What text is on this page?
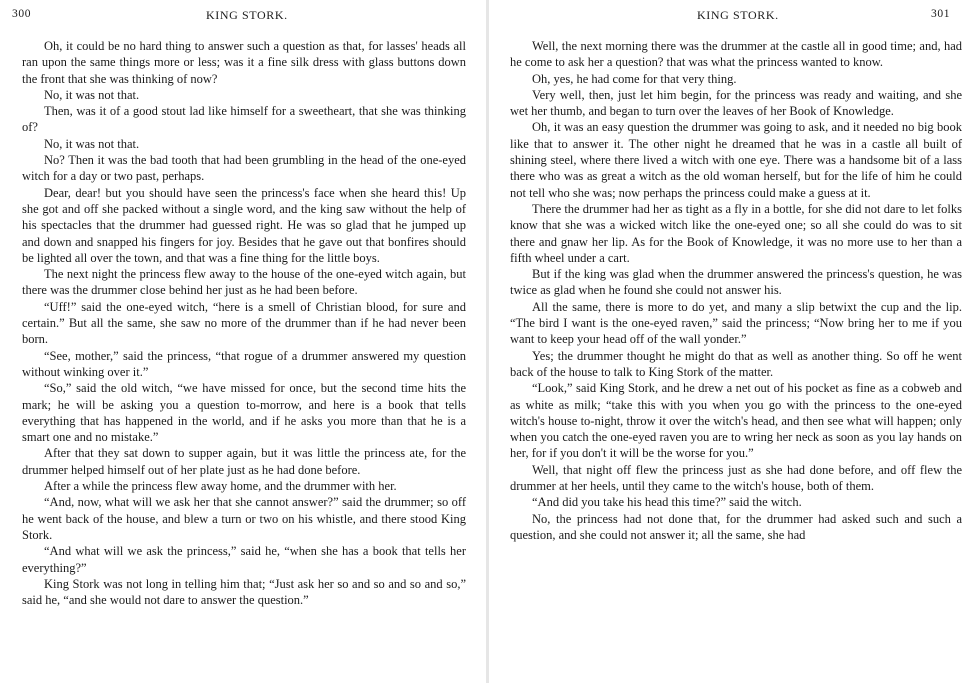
300	KING STORK.

Oh, it could be no hard thing to answer such a question as that, for lasses' heads all ran upon the same things more or less; was it a fine silk dress with glass buttons down the front that she was thinking of now?

No, it was not that.

Then, was it of a good stout lad like himself for a sweetheart, that she was thinking of?

No, it was not that.

No? Then it was the bad tooth that had been grumbling in the head of the one-eyed witch for a day or two past, perhaps.

Dear, dear! but you should have seen the princess's face when she heard this! Up she got and off she packed without a single word, and the king saw without the help of his spectacles that the drummer had guessed right. He was so glad that he jumped up and down and snapped his fingers for joy. Besides that he gave out that bonfires should be lighted all over the town, and that was a fine thing for the little boys.

The next night the princess flew away to the house of the one-eyed witch again, but there was the drummer close behind her just as he had been before.

“Uff!” said the one-eyed witch, “here is a smell of Christian blood, for sure and certain.” But all the same, she saw no more of the drummer than if he had never been born.

“See, mother,” said the princess, “that rogue of a drummer answered my question without winking over it.”

“So,” said the old witch, “we have missed for once, but the second time hits the mark; he will be asking you a question to-morrow, and here is a book that tells everything that has happened in the world, and if he asks you more than that he is a smart one and no mistake.”

After that they sat down to supper again, but it was little the princess ate, for the drummer helped himself out of her plate just as he had done before.

After a while the princess flew away home, and the drummer with her.

“And, now, what will we ask her that she cannot answer?” said the drummer; so off he went back of the house, and blew a turn or two on his whistle, and there stood King Stork.

“And what will we ask the princess,” said he, “when she has a book that tells her everything?”

King Stork was not long in telling him that; “Just ask her so and so and so and so,” said he, “and she would not dare to answer the question.”

KING STORK.	301

Well, the next morning there was the drummer at the castle all in good time; and, had he come to ask her a question? that was what the princess wanted to know.

Oh, yes, he had come for that very thing.

Very well, then, just let him begin, for the princess was ready and waiting, and she wet her thumb, and began to turn over the leaves of her Book of Knowledge.

Oh, it was an easy question the drummer was going to ask, and it needed no big book like that to answer it. The other night he dreamed that he was in a castle all built of shining steel, where there lived a witch with one eye. There was a handsome bit of a lass there who was as great a witch as the old woman herself, but for the life of him he could not tell who she was; now perhaps the princess could make a guess at it.

There the drummer had her as tight as a fly in a bottle, for she did not dare to let folks know that she was a wicked witch like the one-eyed one; so all she could do was to sit there and gnaw her lip. As for the Book of Knowledge, it was no more use to her than a fifth wheel under a cart.

But if the king was glad when the drummer answered the princess's question, he was twice as glad when he found she could not answer his.

All the same, there is more to do yet, and many a slip betwixt the cup and the lip. “The bird I want is the one-eyed raven,” said the princess; “Now bring her to me if you want to keep your head off of the wall yonder.”

Yes; the drummer thought he might do that as well as another thing. So off he went back of the house to talk to King Stork of the matter.

“Look,” said King Stork, and he drew a net out of his pocket as fine as a cobweb and as white as milk; “take this with you when you go with the princess to the one-eyed witch's house to-night, throw it over the witch's head, and then see what will happen; only when you catch the one-eyed raven you are to wring her neck as soon as you lay hands on her, for if you don't it will be the worse for you.”

Well, that night off flew the princess just as she had done before, and off flew the drummer at her heels, until they came to the witch's house, both of them.

“And did you take his head this time?” said the witch.

No, the princess had not done that, for the drummer had asked such and such a question, and she could not answer it; all the same, she had
